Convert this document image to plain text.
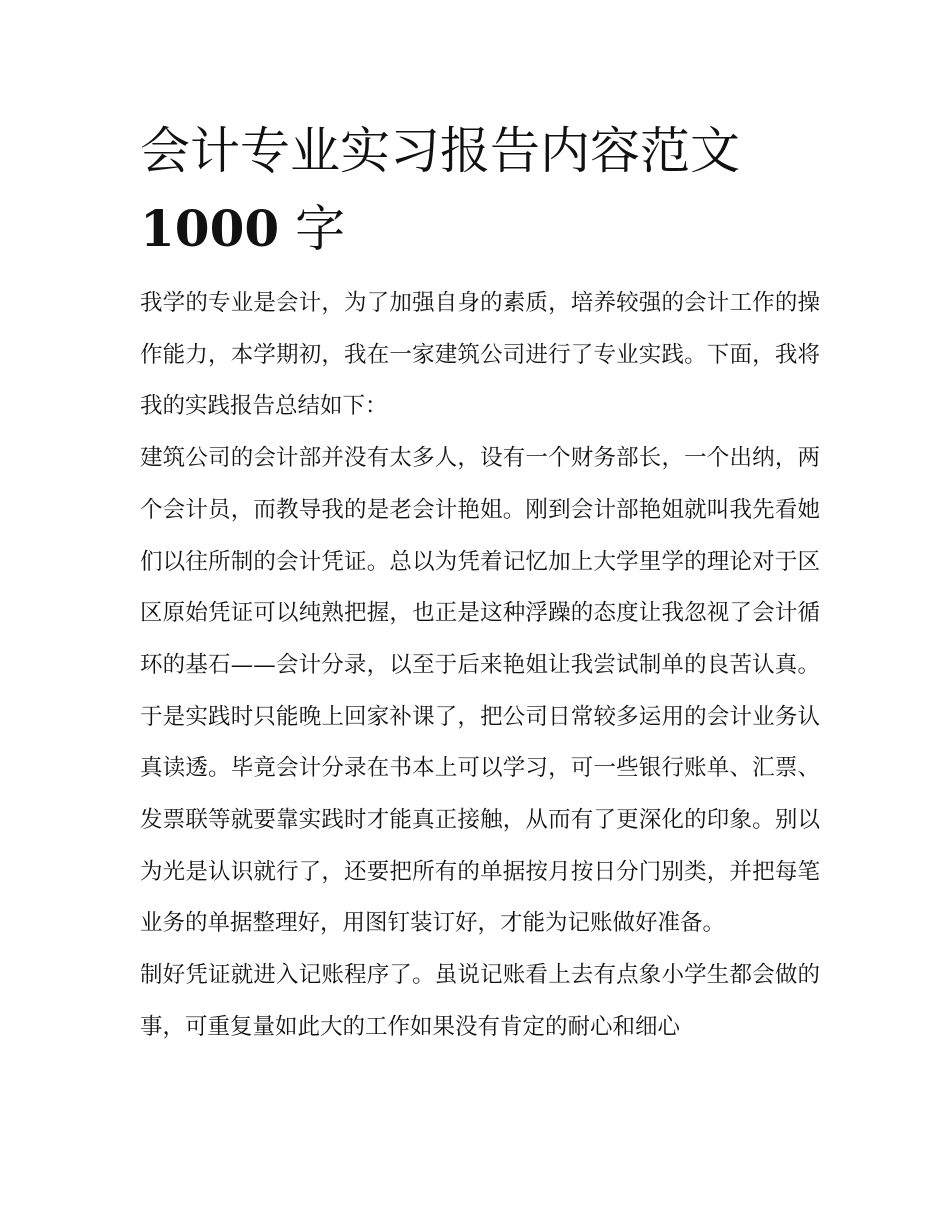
会计专业实习报告内容范文
1000 字

我学的专业是会计，为了加强自身的素质，培养较强的会计工作的操作能力，本学期初，我在一家建筑公司进行了专业实践。下面，我将我的实践报告总结如下：

建筑公司的会计部并没有太多人，设有一个财务部长，一个出纳，两个会计员，而教导我的是老会计艳姐。刚到会计部艳姐就叫我先看她们以往所制的会计凭证。总以为凭着记忆加上大学里学的理论对于区区原始凭证可以纯熟把握，也正是这种浮躁的态度让我忽视了会计循环的基石——会计分录，以至于后来艳姐让我尝试制单的良苦认真。于是实践时只能晚上回家补课了，把公司日常较多运用的会计业务认真读透。毕竟会计分录在书本上可以学习，可一些银行账单、汇票、发票联等就要靠实践时才能真正接触，从而有了更深化的印象。别以为光是认识就行了，还要把所有的单据按月按日分门别类，并把每笔业务的单据整理好，用图钉装订好，才能为记账做好准备。

制好凭证就进入记账程序了。虽说记账看上去有点象小学生都会做的事，可重复量如此大的工作如果没有肯定的耐心和细心
